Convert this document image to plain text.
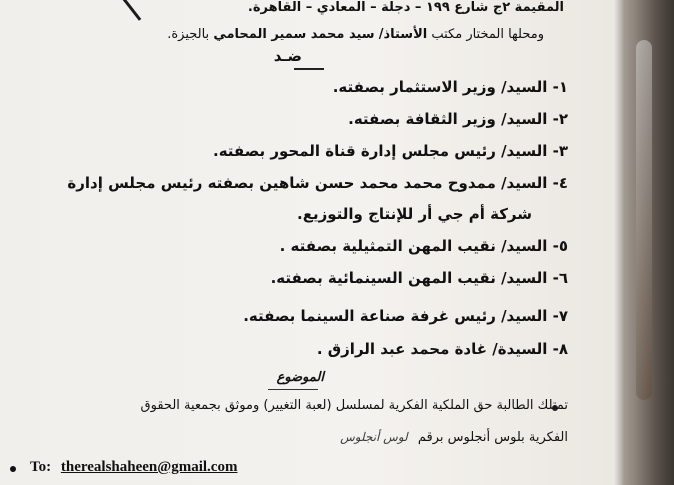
المقيمة ٢ج شارع ١٩٩ – دجلة – المعادي – القاهرة.
ومحلها المختار مكتب الأستاذ/ سيد محمد سمير المحامي بالجيزة.
ضـد
١- السيد/ وزير الاستثمار بصفته.
٢- السيد/ وزير الثقافة بصفته.
٣- السيد/ رئيس مجلس إدارة قناة المحور بصفته.
٤- السيد/ ممدوح محمد محمد حسن شاهين بصفته رئيس مجلس إدارة
شركة أم جي أر للإنتاج والتوزيع.
٥- السيد/ نقيب المهن التمثيلية بصفته .
٦- السيد/ نقيب المهن السينمائية بصفته.
٧- السيد/ رئيس غرفة صناعة السينما بصفته.
٨- السيدة/ غادة محمد عبد الرازق .
الموضوع
تمتلك الطالبة حق الملكية الفكرية لمسلسل (لعبة التغيير) وموثق بجمعية الحقوق
الفكرية بلوس أنجلوس برقم لوس أنجلوس
To: therealshaheen@gmail.com
